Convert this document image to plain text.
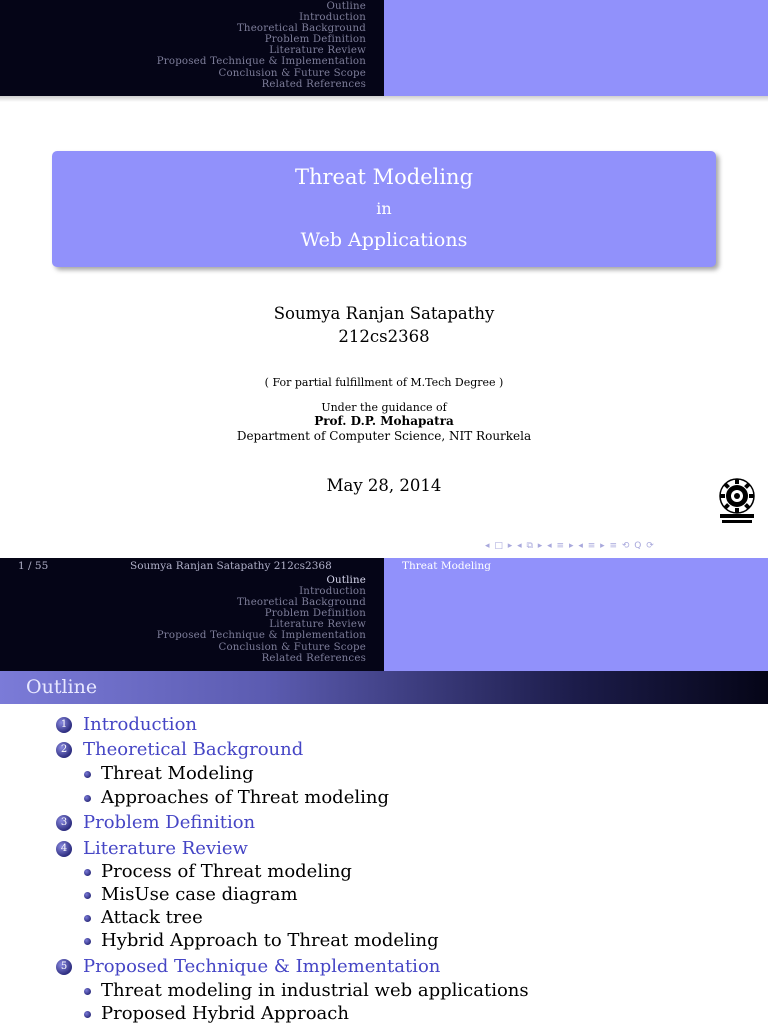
Outline
Introduction
Theoretical Background
Problem Definition
Literature Review
Proposed Technique & Implementation
Conclusion & Future Scope
Related References
Threat Modeling
in
Web Applications
Soumya Ranjan Satapathy
212cs2368
( For partial fulfillment of M.Tech Degree )
Under the guidance of
Prof. D.P. Mohapatra
Department of Computer Science, NIT Rourkela
May 28, 2014
◂ □ ▸ ◂ ⧉ ▸ ◂ ≡ ▸ ◂ ≡ ▸ ≡ ⟲ Q ⟳
Outline
Introduction
Theoretical Background
Problem Definition
Literature Review
Proposed Technique & Implementation
Conclusion & Future Scope
Related References
1 / 55	Soumya Ranjan Satapathy 212cs2368	Threat Modeling
Outline
1 Introduction
2 Theoretical Background
Threat Modeling
Approaches of Threat modeling
3 Problem Definition
4 Literature Review
Process of Threat modeling
MisUse case diagram
Attack tree
Hybrid Approach to Threat modeling
5 Proposed Technique & Implementation
Threat modeling in industrial web applications
Proposed Hybrid Approach
